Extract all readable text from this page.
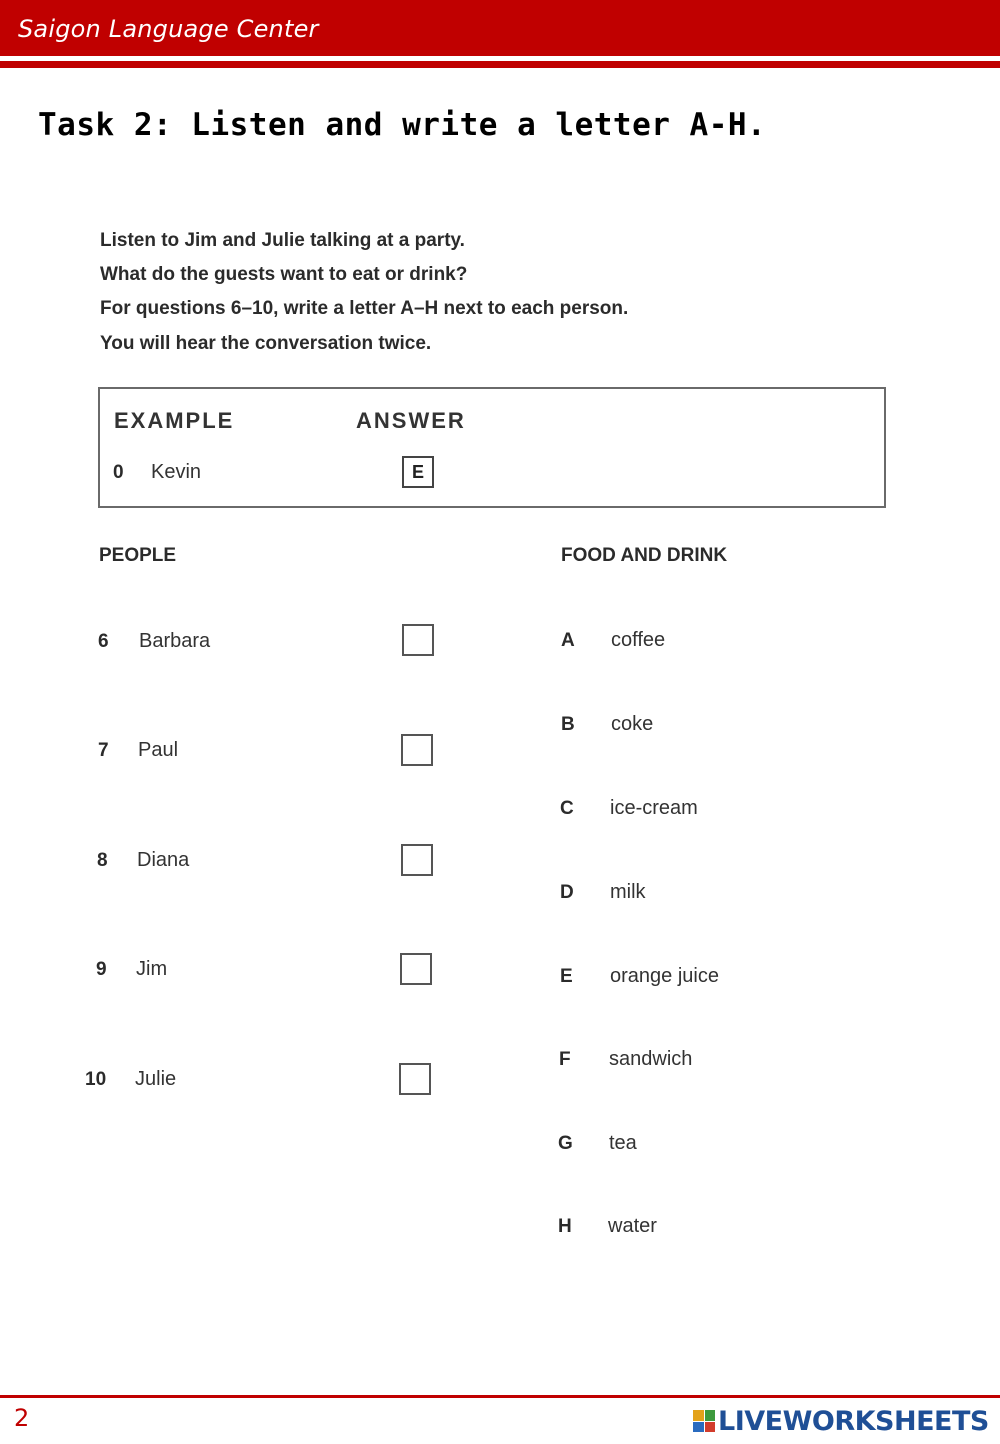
Saigon Language Center
Task 2: Listen and write a letter A-H.
Listen to Jim and Julie talking at a party.
What do the guests want to eat or drink?
For questions 6–10, write a letter A–H next to each person.
You will hear the conversation twice.
EXAMPLE	ANSWER
0 Kevin	E
PEOPLE	FOOD AND DRINK
6 Barbara
7 Paul
8 Diana
9 Jim
10 Julie
A coffee
B coke
C ice-cream
D milk
E orange juice
F sandwich
G tea
H water
2	LIVEWORKSHEETS
